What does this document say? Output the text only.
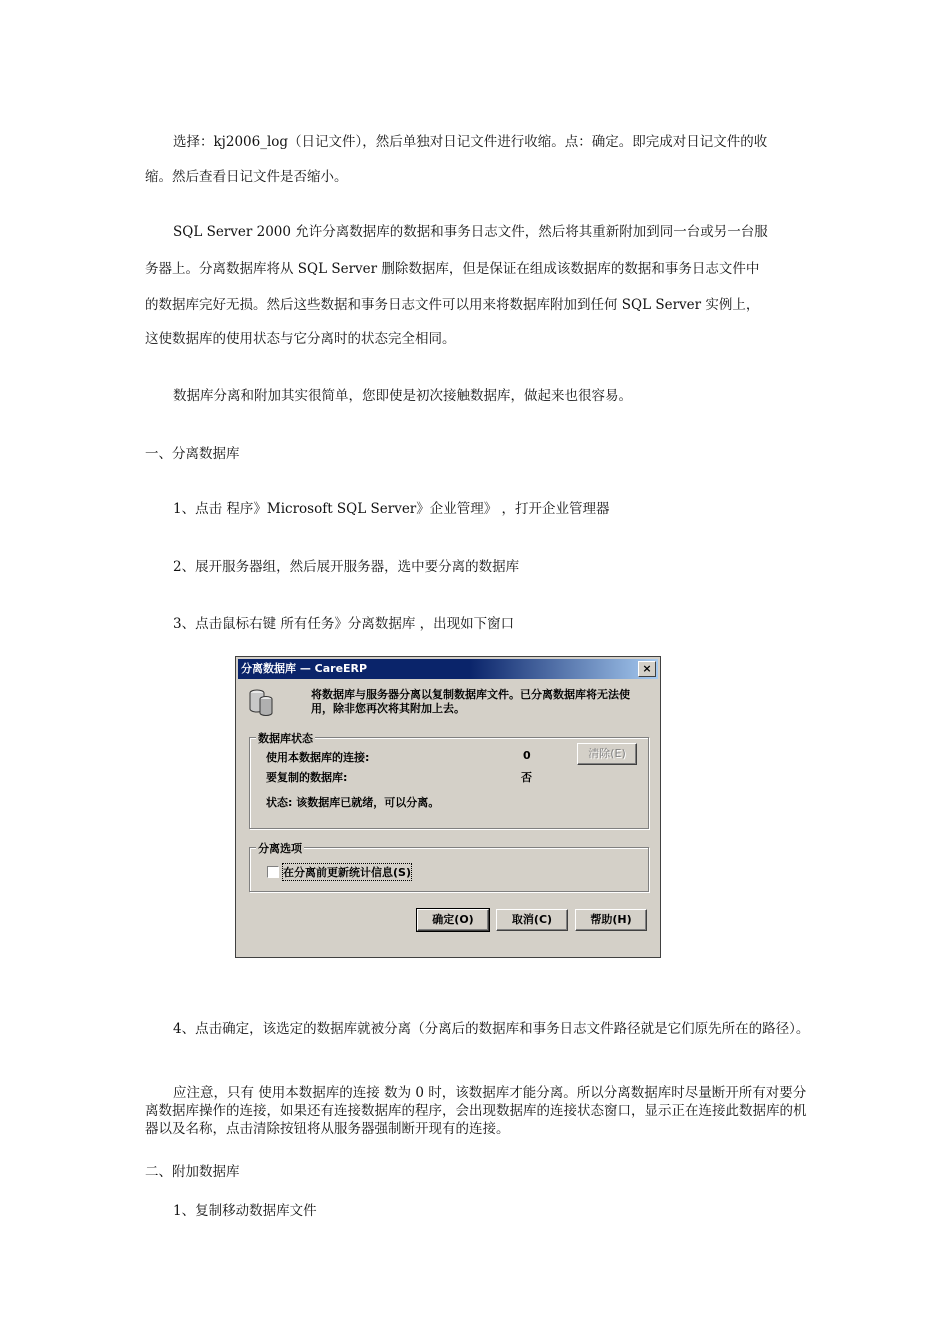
选择：kj2006_log（日记文件），然后单独对日记文件进行收缩。点：确定。即完成对日记文件的收
缩。然后查看日记文件是否缩小。
SQL Server 2000 允许分离数据库的数据和事务日志文件，然后将其重新附加到同一台或另一台服
务器上。分离数据库将从 SQL Server 删除数据库，但是保证在组成该数据库的数据和事务日志文件中
的数据库完好无损。然后这些数据和事务日志文件可以用来将数据库附加到任何 SQL Server 实例上，
这使数据库的使用状态与它分离时的状态完全相同。
数据库分离和附加其实很简单，您即使是初次接触数据库，做起来也很容易。
一、分离数据库
1、点击 程序》Microsoft SQL Server》企业管理》 ，打开企业管理器
2、展开服务器组，然后展开服务器，选中要分离的数据库
3、点击鼠标右键 所有任务》分离数据库 ，出现如下窗口
分离数据库 — CareERP	×
将数据库与服务器分离以复制数据库文件。已分离数据库将无法使用，除非您再次将其附加上去。
数据库状态
使用本数据库的连接:	0	清除(E)
要复制的数据库:	否
状态: 该数据库已就绪，可以分离。
分离选项
在分离前更新统计信息(S)
确定(O)	取消(C)	帮助(H)
4、点击确定，该选定的数据库就被分离（分离后的数据库和事务日志文件路径就是它们原先所在的路径）。
应注意，只有 使用本数据库的连接 数为 0 时，该数据库才能分离。所以分离数据库时尽量断开所有对要分离数据库操作的连接，如果还有连接数据库的程序，会出现数据库的连接状态窗口，显示正在连接此数据库的机器以及名称，点击清除按钮将从服务器强制断开现有的连接。
二、附加数据库
1、复制移动数据库文件
